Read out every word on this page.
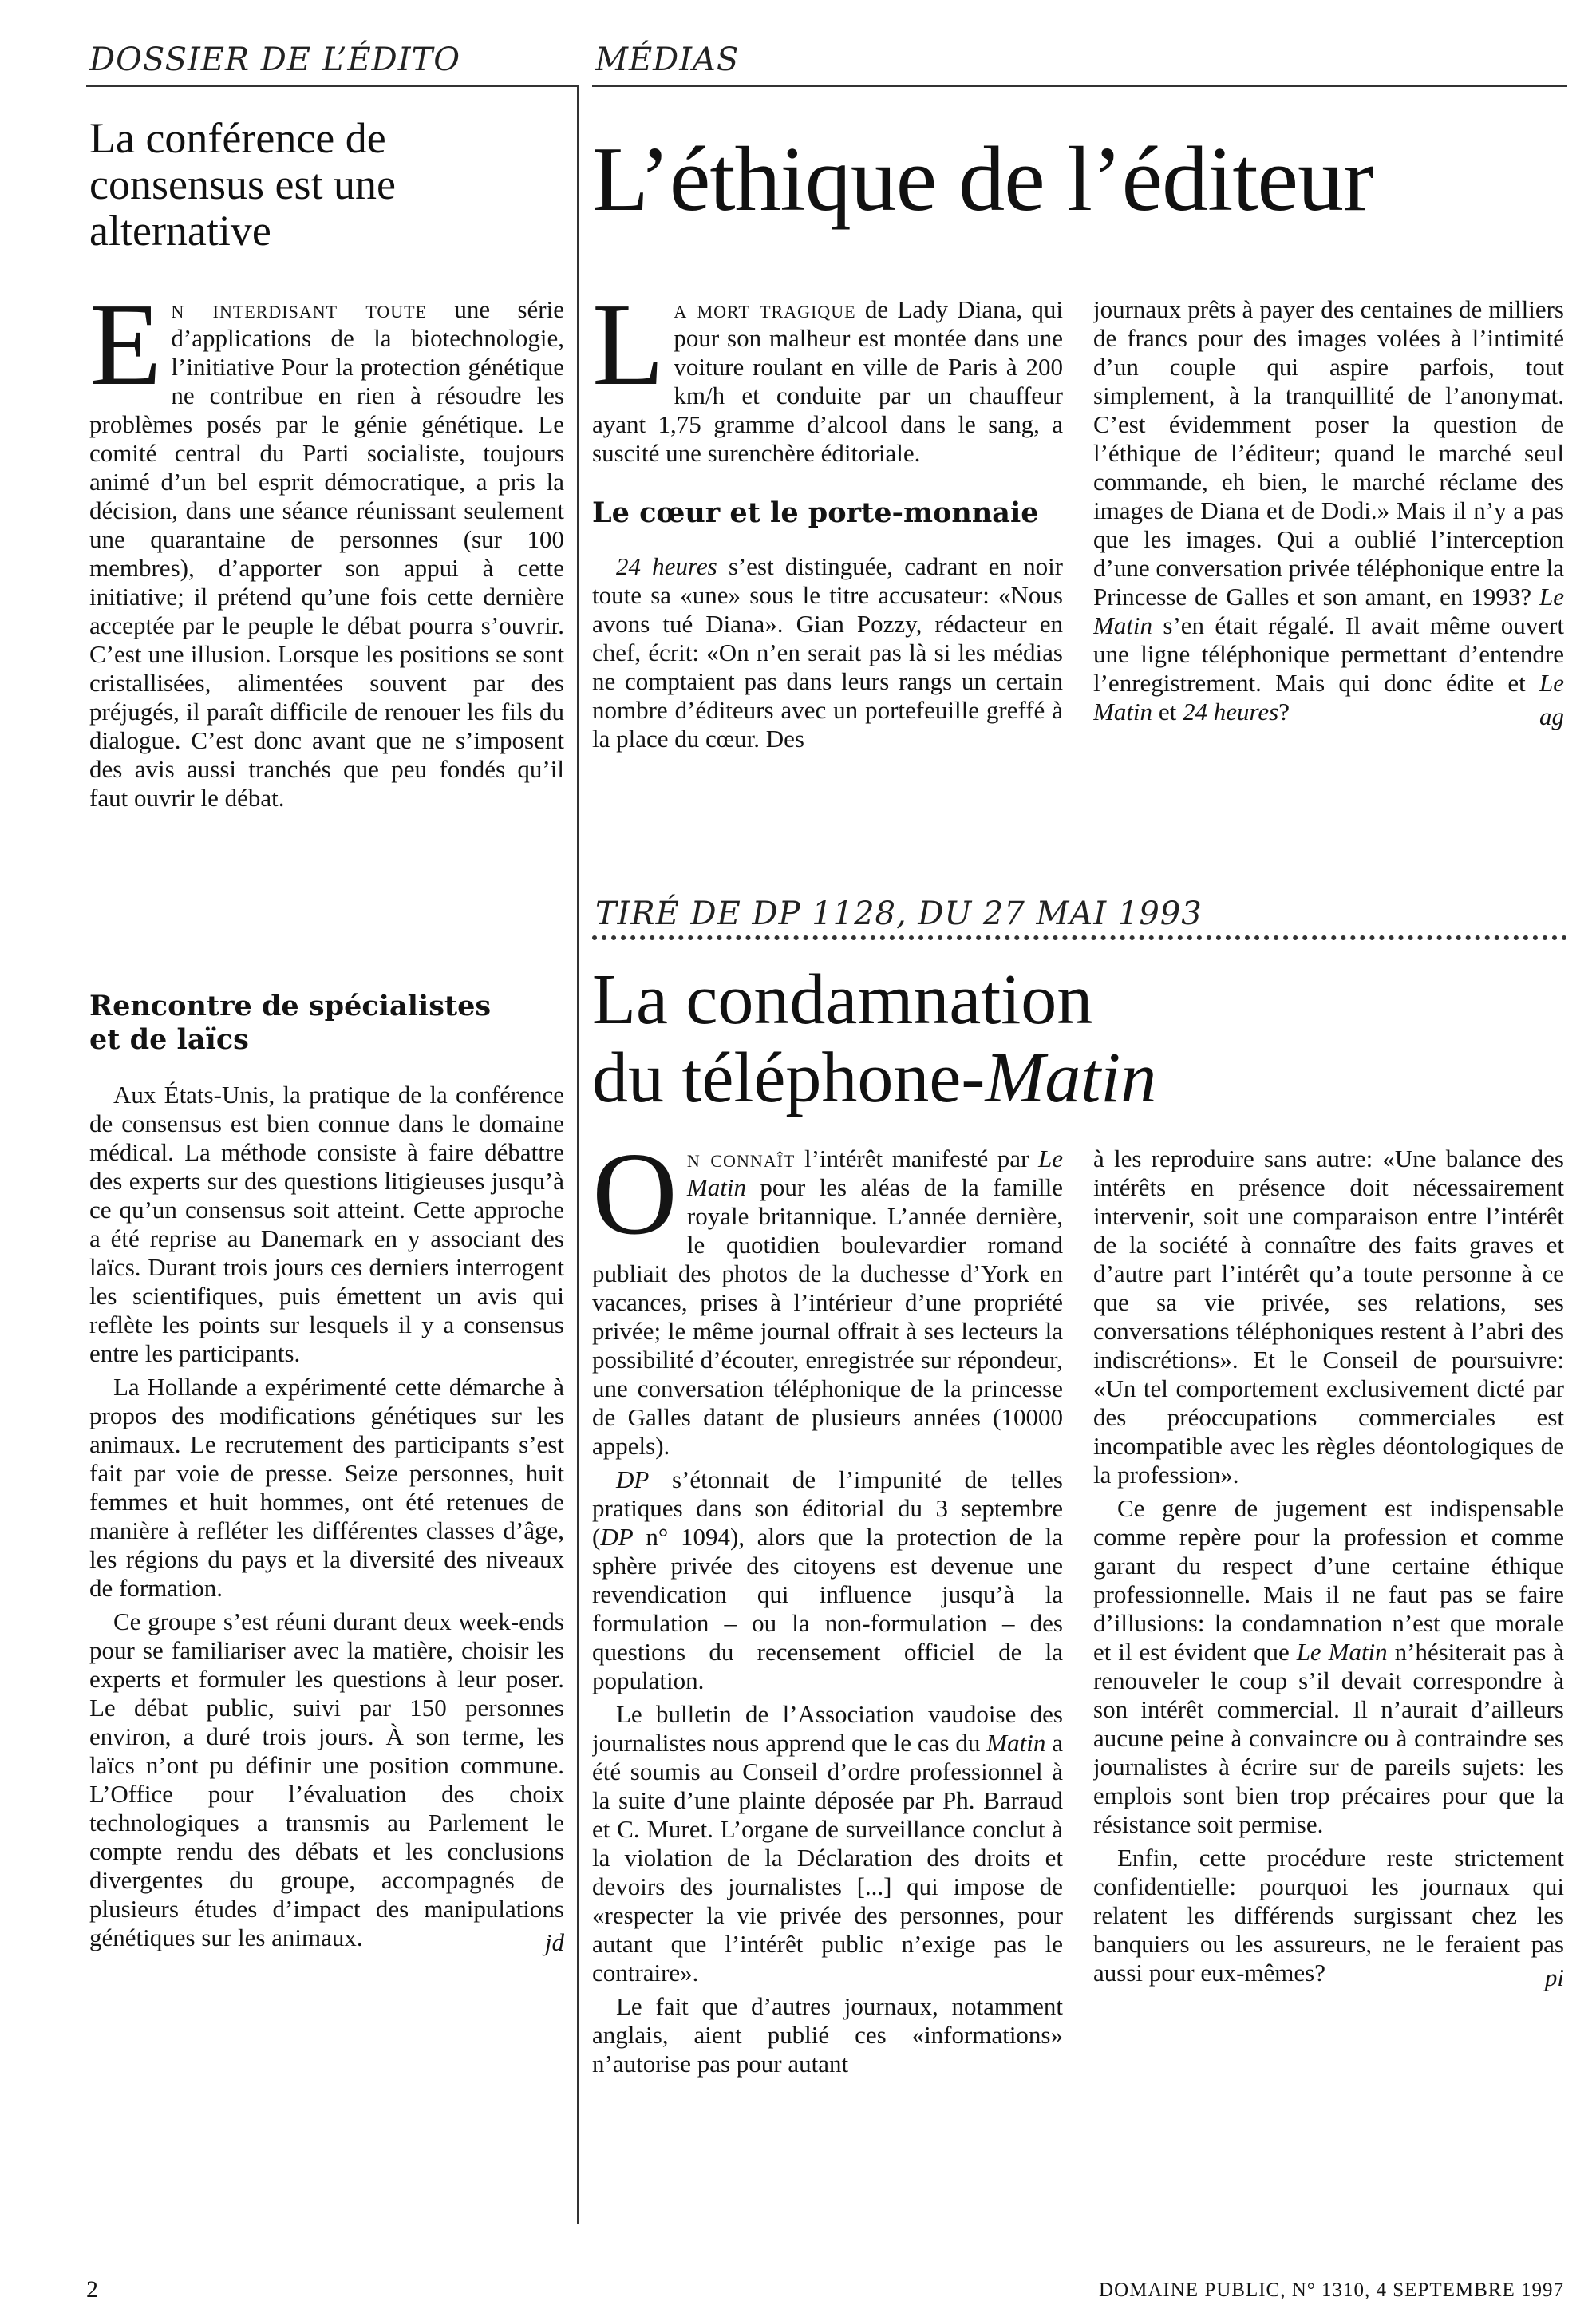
DOSSIER DE L’ÉDITO	MÉDIAS
La conférence de consensus est une alternative

En interdisant toute une série d’applications de la biotechnologie, l’initiative Pour la protection génétique ne contribue en rien à résoudre les problèmes posés par le génie génétique. Le comité central du Parti socialiste, toujours animé d’un bel esprit démocratique, a pris la décision, dans une séance réunissant seulement une quarantaine de personnes (sur 100 membres), d’apporter son appui à cette initiative; il prétend qu’une fois cette dernière acceptée par le peuple le débat pourra s’ouvrir. C’est une illusion. Lorsque les positions se sont cristallisées, alimentées souvent par des préjugés, il paraît difficile de renouer les fils du dialogue. C’est donc avant que ne s’imposent des avis aussi tranchés que peu fondés qu’il faut ouvrir le débat.

Rencontre de spécialistes et de laïcs

Aux États-Unis, la pratique de la conférence de consensus est bien connue dans le domaine médical. La méthode consiste à faire débattre des experts sur des questions litigieuses jusqu’à ce qu’un consensus soit atteint. Cette approche a été reprise au Danemark en y associant des laïcs. Durant trois jours ces derniers interrogent les scientifiques, puis émettent un avis qui reflète les points sur lesquels il y a consensus entre les participants.

La Hollande a expérimenté cette démarche à propos des modifications génétiques sur les animaux. Le recrutement des participants s’est fait par voie de presse. Seize personnes, huit femmes et huit hommes, ont été retenues de manière à refléter les différentes classes d’âge, les régions du pays et la diversité des niveaux de formation.

Ce groupe s’est réuni durant deux week-ends pour se familiariser avec la matière, choisir les experts et formuler les questions à leur poser. Le débat public, suivi par 150 personnes environ, a duré trois jours. À son terme, les laïcs n’ont pu définir une position commune. L’Office pour l’évaluation des choix technologiques a transmis au Parlement le compte rendu des débats et les conclusions divergentes du groupe, accompagnés de plusieurs études d’impact des manipulations génétiques sur les animaux.	jd
L’éthique de l’éditeur

La mort tragique de Lady Diana, qui pour son malheur est montée dans une voiture roulant en ville de Paris à 200 km/h et conduite par un chauffeur ayant 1,75 gramme d’alcool dans le sang, a suscité une surenchère éditoriale.

Le cœur et le porte-monnaie

24 heures s’est distinguée, cadrant en noir toute sa «une» sous le titre accusateur: «Nous avons tué Diana». Gian Pozzy, rédacteur en chef, écrit: «On n’en serait pas là si les médias ne comptaient pas dans leurs rangs un certain nombre d’éditeurs avec un portefeuille greffé à la place du cœur. Des

journaux prêts à payer des centaines de milliers de francs pour des images volées à l’intimité d’un couple qui aspire parfois, tout simplement, à la tranquillité de l’anonymat. C’est évidemment poser la question de l’éthique de l’éditeur; quand le marché seul commande, eh bien, le marché réclame des images de Diana et de Dodi.» Mais il n’y a pas que les images. Qui a oublié l’interception d’une conversation privée téléphonique entre la Princesse de Galles et son amant, en 1993? Le Matin s’en était régalé. Il avait même ouvert une ligne téléphonique permettant d’entendre l’enregistrement. Mais qui donc édite et Le Matin et 24 heures?	ag
TIRÉ DE DP 1128, DU 27 MAI 1993
La condamnation
du téléphone-Matin

On connaît l’intérêt manifesté par Le Matin pour les aléas de la famille royale britannique. L’année dernière, le quotidien boulevardier romand publiait des photos de la duchesse d’York en vacances, prises à l’intérieur d’une propriété privée; le même journal offrait à ses lecteurs la possibilité d’écouter, enregistrée sur répondeur, une conversation téléphonique de la princesse de Galles datant de plusieurs années (10000 appels).

DP s’étonnait de l’impunité de telles pratiques dans son éditorial du 3 septembre (DP n° 1094), alors que la protection de la sphère privée des citoyens est devenue une revendication qui influence jusqu’à la formulation – ou la non-formulation – des questions du recensement officiel de la population.

Le bulletin de l’Association vaudoise des journalistes nous apprend que le cas du Matin a été soumis au Conseil d’ordre professionnel à la suite d’une plainte déposée par Ph. Barraud et C. Muret. L’organe de surveillance conclut à la violation de la Déclaration des droits et devoirs des journalistes [...] qui impose de «respecter la vie privée des personnes, pour autant que l’intérêt public n’exige pas le contraire».

Le fait que d’autres journaux, notamment anglais, aient publié ces «informations» n’autorise pas pour autant

à les reproduire sans autre: «Une balance des intérêts en présence doit nécessairement intervenir, soit une comparaison entre l’intérêt de la société à connaître des faits graves et d’autre part l’intérêt qu’a toute personne à ce que sa vie privée, ses relations, ses conversations téléphoniques restent à l’abri des indiscrétions». Et le Conseil de poursuivre: «Un tel comportement exclusivement dicté par des préoccupations commerciales est incompatible avec les règles déontologiques de la profession».

Ce genre de jugement est indispensable comme repère pour la profession et comme garant du respect d’une certaine éthique professionnelle. Mais il ne faut pas se faire d’illusions: la condamnation n’est que morale et il est évident que Le Matin n’hésiterait pas à renouveler le coup s’il devait correspondre à son intérêt commercial. Il n’aurait d’ailleurs aucune peine à convaincre ou à contraindre ses journalistes à écrire sur de pareils sujets: les emplois sont bien trop précaires pour que la résistance soit permise.

Enfin, cette procédure reste strictement confidentielle: pourquoi les journaux qui relatent les différends surgissant chez les banquiers ou les assureurs, ne le feraient pas aussi pour eux-mêmes?	pi
2	DOMAINE PUBLIC, N° 1310, 4 SEPTEMBRE 1997
